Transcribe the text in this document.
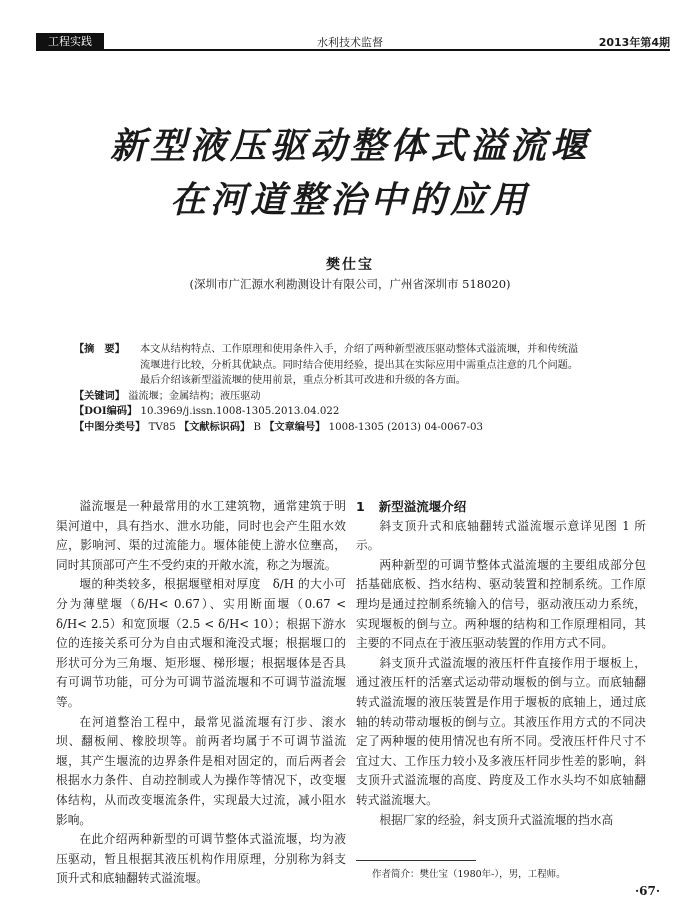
工程实践	水利技术监督	2013年第4期
新型液压驱动整体式溢流堰
在河道整治中的应用
樊仕宝
(深圳市广汇源水利勘测设计有限公司，广州省深圳市 518020)
【摘　要】	本文从结构特点、工作原理和使用条件入手，介绍了两种新型液压驱动整体式溢流堰，并和传统溢
流堰进行比较，分析其优缺点。同时结合使用经验，提出其在实际应用中需重点注意的几个问题。
最后介绍该新型溢流堰的使用前景，重点分析其可改进和升级的各方面。
【关键词】 溢流堰；金属结构；液压驱动
【DOI编码】 10.3969/j.issn.1008-1305.2013.04.022
【中图分类号】 TV85 【文献标识码】 B 【文章编号】 1008-1305 (2013) 04-0067-03

溢流堰是一种最常用的水工建筑物，通常建筑于明渠河道中，具有挡水、泄水功能，同时也会产生阻水效应，影响河、渠的过流能力。堰体能使上游水位壅高，同时其顶部可产生不受约束的开敞水流，称之为堰流。

堰的种类较多，根据堰壁相对厚度　δ/H 的大小可分为薄壁堰（δ/H< 0.67）、实用断面堰（0.67 < δ/H< 2.5）和宽顶堰（2.5 < δ/H< 10）；根据下游水位的连接关系可分为自由式堰和淹没式堰；根据堰口的形状可分为三角堰、矩形堰、梯形堰；根据堰体是否具有可调节功能，可分为可调节溢流堰和不可调节溢流堰等。

在河道整治工程中，最常见溢流堰有汀步、滚水坝、翻板闸、橡胶坝等。前两者均属于不可调节溢流堰，其产生堰流的边界条件是相对固定的，而后两者会根据水力条件、自动控制或人为操作等情况下，改变堰体结构，从而改变堰流条件，实现最大过流，减小阻水影响。

在此介绍两种新型的可调节整体式溢流堰，均为液压驱动，暂且根据其液压机构作用原理，分别称为斜支顶升式和底轴翻转式溢流堰。

1 新型溢流堰介绍

斜支顶升式和底轴翻转式溢流堰示意详见图 1 所示。

两种新型的可调节整体式溢流堰的主要组成部分包括基础底板、挡水结构、驱动装置和控制系统。工作原理均是通过控制系统输入的信号，驱动液压动力系统，实现堰板的倒与立。两种堰的结构和工作原理相同，其主要的不同点在于液压驱动装置的作用方式不同。

斜支顶升式溢流堰的液压杆件直接作用于堰板上，通过液压杆的活塞式运动带动堰板的倒与立。而底轴翻转式溢流堰的液压装置是作用于堰板的底轴上，通过底轴的转动带动堰板的倒与立。其液压作用方式的不同决定了两种堰的使用情况也有所不同。受液压杆件尺寸不宜过大、工作压力较小及多液压杆同步性差的影响，斜支顶升式溢流堰的高度、跨度及工作水头均不如底轴翻转式溢流堰大。

根据厂家的经验，斜支顶升式溢流堰的挡水高

作者简介：樊仕宝（1980年-），男，工程师。
·67·
